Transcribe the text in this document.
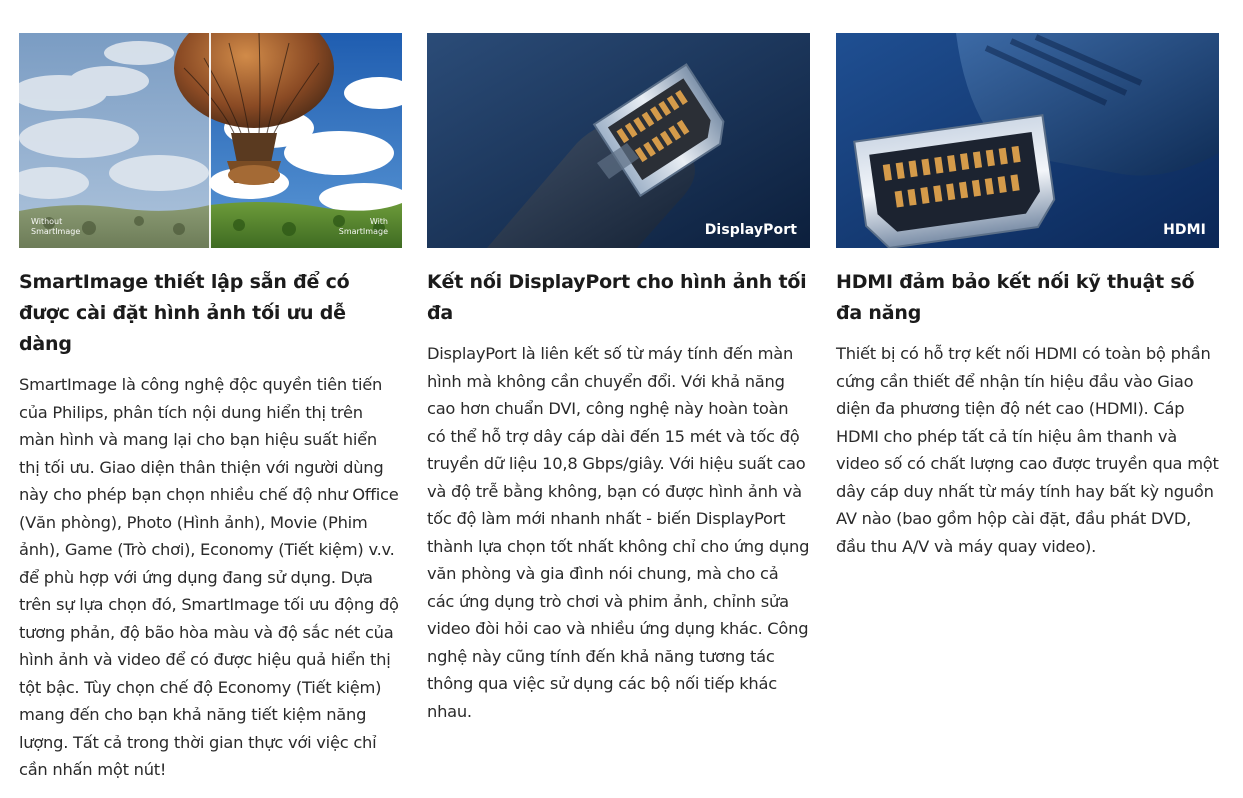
Without
SmartImage
With
SmartImage
SmartImage thiết lập sẵn để có được cài đặt hình ảnh tối ưu dễ dàng

SmartImage là công nghệ độc quyền tiên tiến của Philips, phân tích nội dung hiển thị trên màn hình và mang lại cho bạn hiệu suất hiển thị tối ưu. Giao diện thân thiện với người dùng này cho phép bạn chọn nhiều chế độ như Office (Văn phòng), Photo (Hình ảnh), Movie (Phim ảnh), Game (Trò chơi), Economy (Tiết kiệm) v.v. để phù hợp với ứng dụng đang sử dụng. Dựa trên sự lựa chọn đó, SmartImage tối ưu động độ tương phản, độ bão hòa màu và độ sắc nét của hình ảnh và video để có được hiệu quả hiển thị tột bậc. Tùy chọn chế độ Economy (Tiết kiệm) mang đến cho bạn khả năng tiết kiệm năng lượng. Tất cả trong thời gian thực với việc chỉ cần nhấn một nút!

DisplayPort
Kết nối DisplayPort cho hình ảnh tối đa

DisplayPort là liên kết số từ máy tính đến màn hình mà không cần chuyển đổi. Với khả năng cao hơn chuẩn DVI, công nghệ này hoàn toàn có thể hỗ trợ dây cáp dài đến 15 mét và tốc độ truyền dữ liệu 10,8 Gbps/giây. Với hiệu suất cao và độ trễ bằng không, bạn có được hình ảnh và tốc độ làm mới nhanh nhất - biến DisplayPort thành lựa chọn tốt nhất không chỉ cho ứng dụng văn phòng và gia đình nói chung, mà cho cả các ứng dụng trò chơi và phim ảnh, chỉnh sửa video đòi hỏi cao và nhiều ứng dụng khác. Công nghệ này cũng tính đến khả năng tương tác thông qua việc sử dụng các bộ nối tiếp khác nhau.

HDMI
HDMI đảm bảo kết nối kỹ thuật số đa năng

Thiết bị có hỗ trợ kết nối HDMI có toàn bộ phần cứng cần thiết để nhận tín hiệu đầu vào Giao diện đa phương tiện độ nét cao (HDMI). Cáp HDMI cho phép tất cả tín hiệu âm thanh và video số có chất lượng cao được truyền qua một dây cáp duy nhất từ máy tính hay bất kỳ nguồn AV nào (bao gồm hộp cài đặt, đầu phát DVD, đầu thu A/V và máy quay video).
